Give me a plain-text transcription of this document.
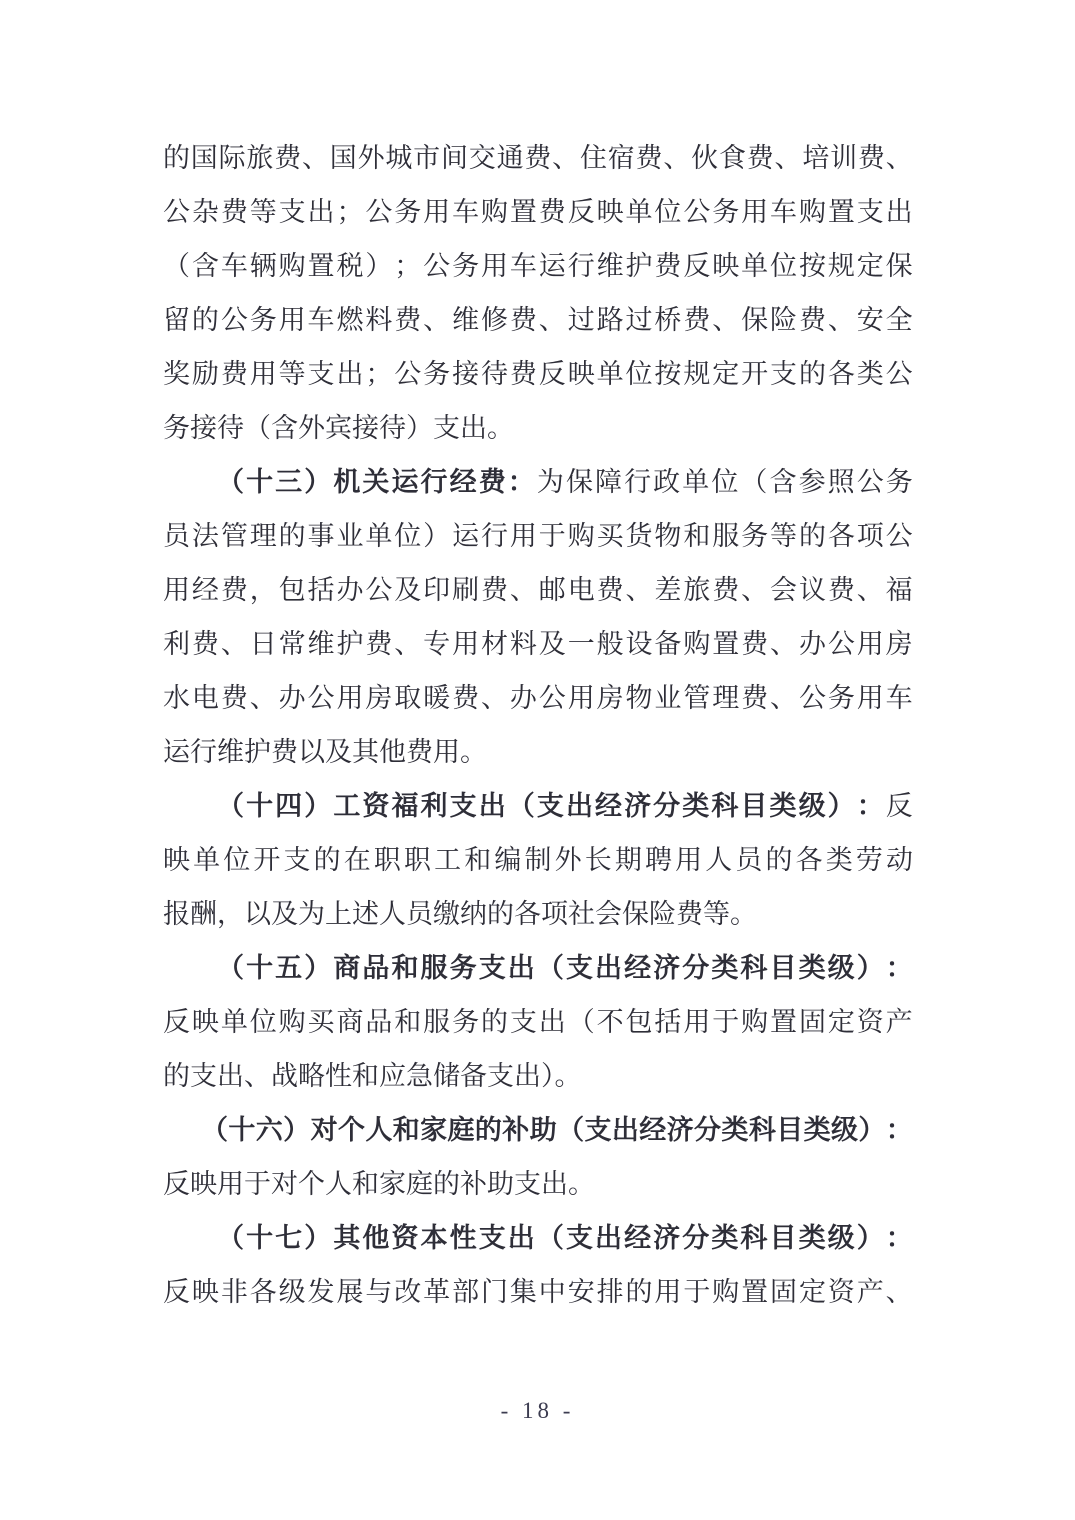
的 国 际 旅 费 、 国 外 城 市 间 交 通 费 、 住 宿 费 、 伙 食 费 、 培 训 费 、
公 杂 费 等 支 出 ； 公 务 用 车 购 置 费 反 映 单 位 公 务 用 车 购 置 支 出
（ 含 车 辆 购 置 税 ） ； 公 务 用 车 运 行 维 护 费 反 映 单 位 按 规 定 保
留 的 公 务 用 车 燃 料 费 、 维 修 费 、 过 路 过 桥 费 、 保 险 费 、 安 全
奖 励 费 用 等 支 出 ； 公 务 接 待 费 反 映 单 位 按 规 定 开 支 的 各 类 公
务接待（含外宾接待）支出。
（ 十 三 ） 机 关 运 行 经 费 ： 为 保 障 行 政 单 位 （ 含 参 照 公 务
员 法 管 理 的 事 业 单 位 ） 运 行 用 于 购 买 货 物 和 服 务 等 的 各 项 公
用 经 费 ， 包 括 办 公 及 印 刷 费 、 邮 电 费 、 差 旅 费 、 会 议 费 、 福
利 费 、 日 常 维 护 费 、 专 用 材 料 及 一 般 设 备 购 置 费 、 办 公 用 房
水 电 费 、 办 公 用 房 取 暖 费 、 办 公 用 房 物 业 管 理 费 、 公 务 用 车
运行维护费以及其他费用。
（ 十 四 ） 工 资 福 利 支 出 （ 支 出 经 济 分 类 科 目 类 级 ） ： 反
映 单 位 开 支 的 在 职 职 工 和 编 制 外 长 期 聘 用 人 员 的 各 类 劳 动
报酬，以及为上述人员缴纳的各项社会保险费等。
（ 十 五 ） 商 品 和 服 务 支 出 （ 支 出 经 济 分 类 科 目 类 级 ） ：
反 映 单 位 购 买 商 品 和 服 务 的 支 出 （ 不 包 括 用 于 购 置 固 定 资 产
的支出、战略性和应急储备支出）。
（ 十 六 ） 对 个 人 和 家 庭 的 补 助 （ 支 出 经 济 分 类 科 目 类 级 ） ：
反映用于对个人和家庭的补助支出。
（ 十 七 ） 其 他 资 本 性 支 出 （ 支 出 经 济 分 类 科 目 类 级 ） ：
反 映 非 各 级 发 展 与 改 革 部 门 集 中 安 排 的 用 于 购 置 固 定 资 产 、
- 18 -
